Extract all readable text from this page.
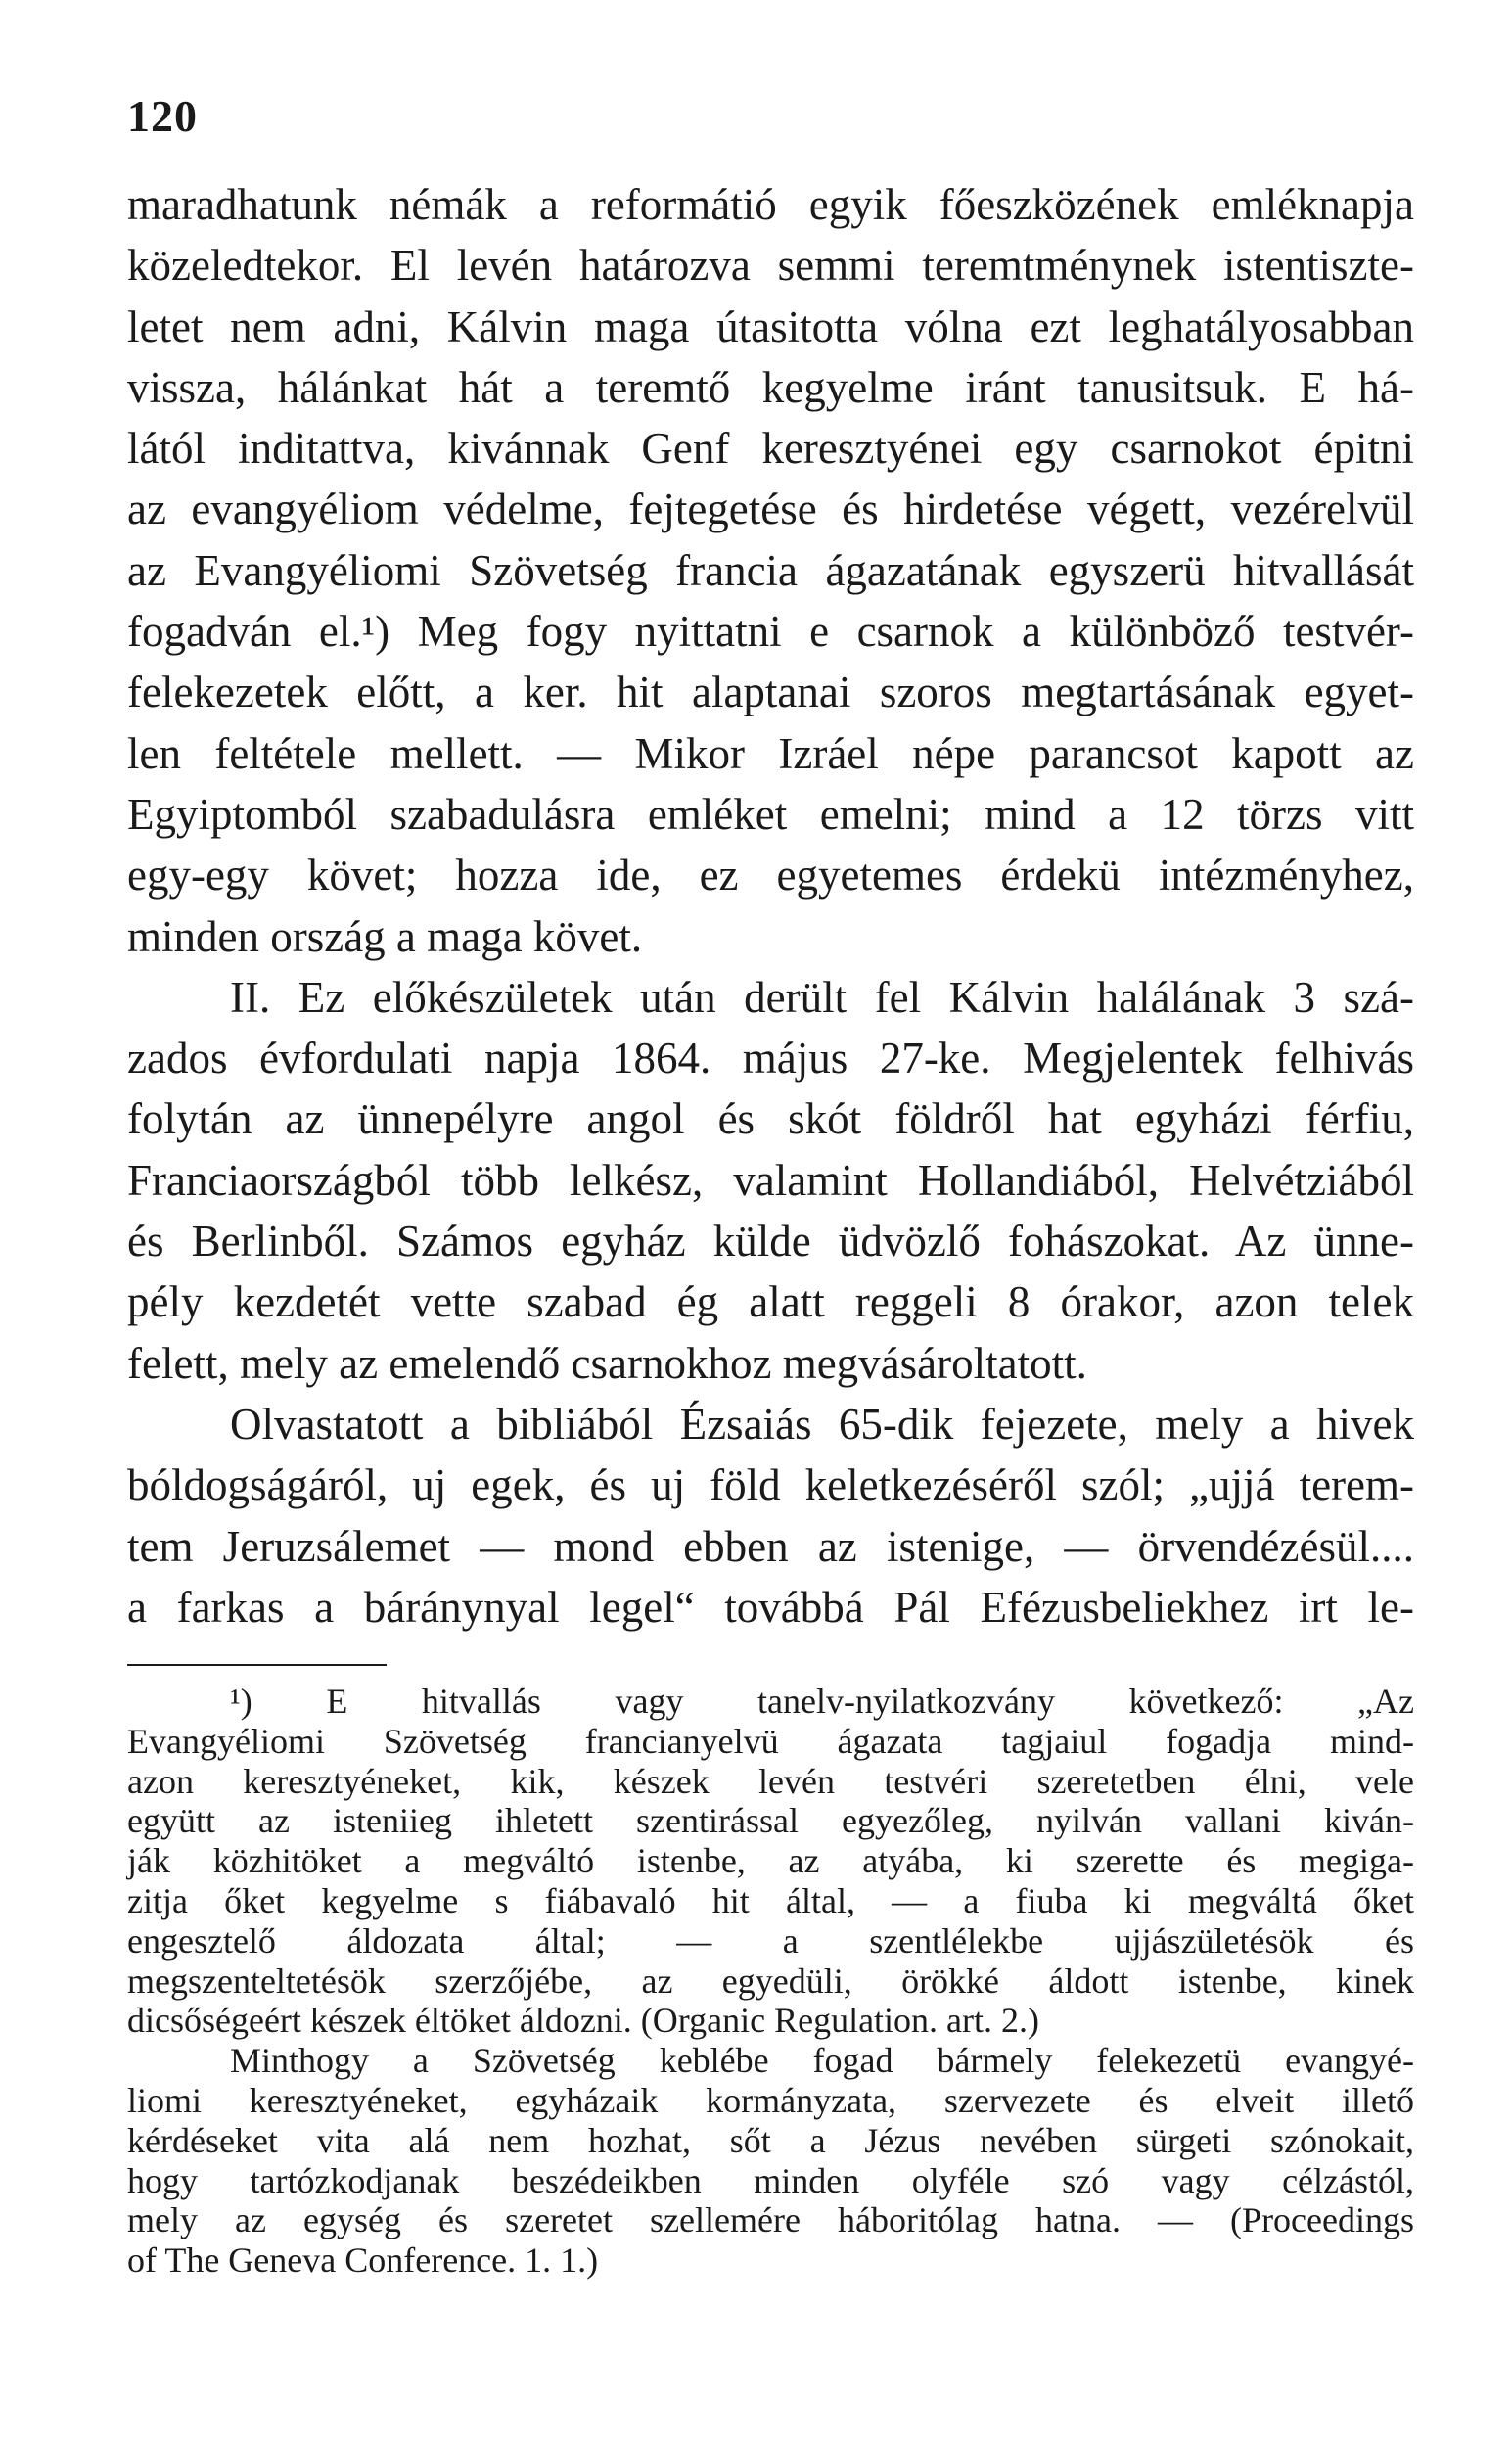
120
maradhatunk némák a reformátió egyik főeszközének emléknapja
közeledtekor. El levén határozva semmi teremtménynek istentiszte-
letet nem adni, Kálvin maga útasitotta vólna ezt leghatályosabban
vissza, hálánkat hát a teremtő kegyelme iránt tanusitsuk. E há-
lától inditattva, kivánnak Genf keresztyénei egy csarnokot épitni
az evangyéliom védelme, fejtegetése és hirdetése végett, vezérelvül
az Evangyéliomi Szövetség francia ágazatának egyszerü hitvallását
fogadván el.¹) Meg fogy nyittatni e csarnok a különböző testvér-
felekezetek előtt, a ker. hit alaptanai szoros megtartásának egyet-
len feltétele mellett. — Mikor Izráel népe parancsot kapott az
Egyiptomból szabadulásra emléket emelni; mind a 12 törzs vitt
egy-egy követ; hozza ide, ez egyetemes érdekü intézményhez,
minden ország a maga követ.
II. Ez előkészületek után derült fel Kálvin halálának 3 szá-
zados évfordulati napja 1864. május 27-ke. Megjelentek felhivás
folytán az ünnepélyre angol és skót földről hat egyházi férfiu,
Franciaországból több lelkész, valamint Hollandiából, Helvétziából
és Berlinből. Számos egyház külde üdvözlő fohászokat. Az ünne-
pély kezdetét vette szabad ég alatt reggeli 8 órakor, azon telek
felett, mely az emelendő csarnokhoz megvásároltatott.
Olvastatott a bibliából Ézsaiás 65-dik fejezete, mely a hivek
bóldogságáról, uj egek, és uj föld keletkezéséről szól; „ujjá terem-
tem Jeruzsálemet — mond ebben az istenige, — örvendézésül....
a farkas a báránynyal legel“ továbbá Pál Efézusbeliekhez irt le-
¹) E hitvallás vagy tanelv-nyilatkozvány következő: „Az
Evangyéliomi Szövetség francianyelvü ágazata tagjaiul fogadja mind-
azon keresztyéneket, kik, készek levén testvéri szeretetben élni, vele
együtt az isteniieg ihletett szentirással egyezőleg, nyilván vallani kiván-
ják közhitöket a megváltó istenbe, az atyába, ki szerette és megiga-
zitja őket kegyelme s fiábavaló hit által, — a fiuba ki megváltá őket
engesztelő áldozata által; — a szentlélekbe ujjászületésök és
megszenteltetésök szerzőjébe, az egyedüli, örökké áldott istenbe, kinek
dicsőségeért készek éltöket áldozni. (Organic Regulation. art. 2.)
Minthogy a Szövetség keblébe fogad bármely felekezetü evangyé-
liomi keresztyéneket, egyházaik kormányzata, szervezete és elveit illető
kérdéseket vita alá nem hozhat, sőt a Jézus nevében sürgeti szónokait,
hogy tartózkodjanak beszédeikben minden olyféle szó vagy célzástól,
mely az egység és szeretet szellemére háboritólag hatna. — (Proceedings
of The Geneva Conference. 1. 1.)
